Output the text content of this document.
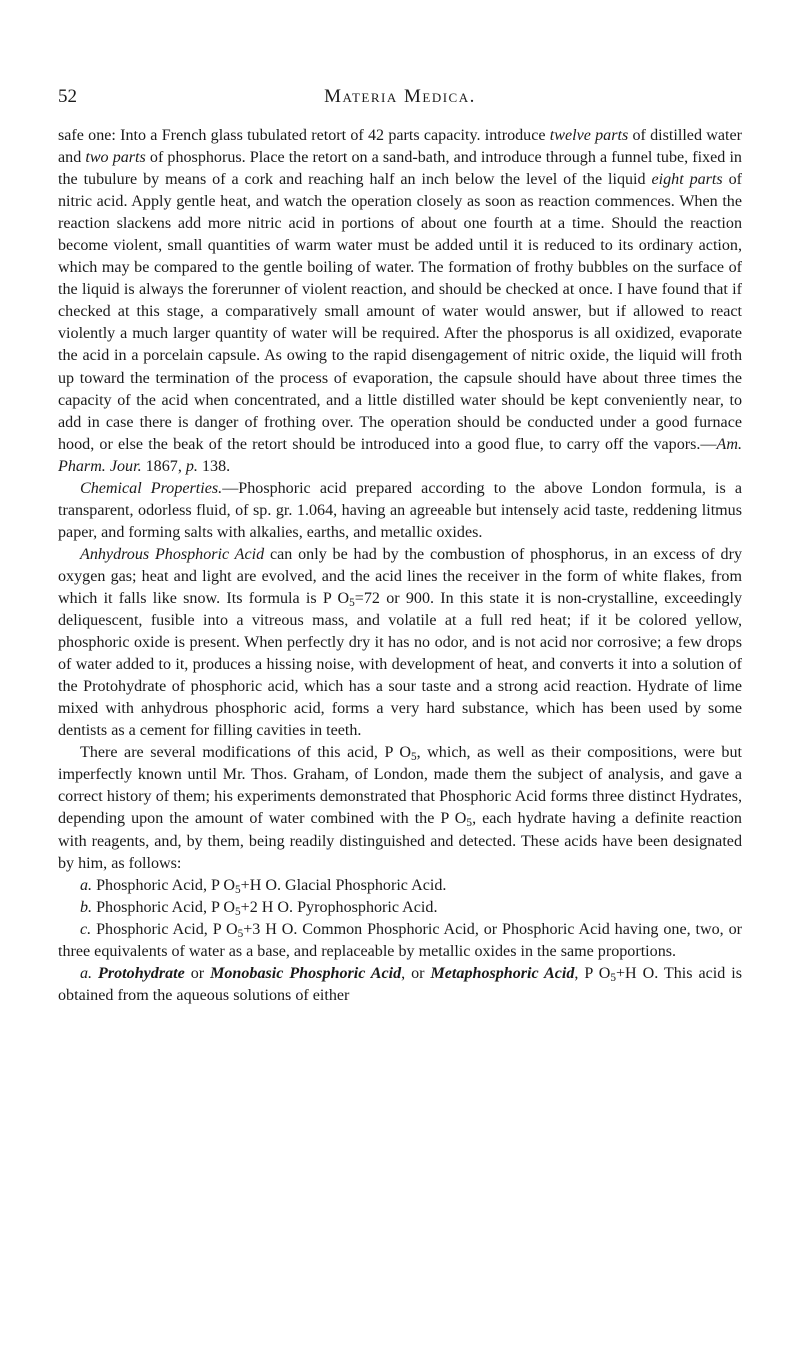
52	Materia Medica.

safe one: Into a French glass tubulated retort of 42 parts capacity. introduce twelve parts of distilled water and two parts of phosphorus. Place the retort on a sand-bath, and introduce through a funnel tube, fixed in the tubulure by means of a cork and reaching half an inch below the level of the liquid eight parts of nitric acid. Apply gentle heat, and watch the operation closely as soon as reaction commences. When the reaction slackens add more nitric acid in portions of about one fourth at a time. Should the reaction become violent, small quantities of warm water must be added until it is reduced to its ordinary action, which may be compared to the gentle boiling of water. The formation of frothy bubbles on the surface of the liquid is always the forerunner of violent reaction, and should be checked at once. I have found that if checked at this stage, a comparatively small amount of water would answer, but if allowed to react violently a much larger quantity of water will be required. After the phosporus is all oxidized, evaporate the acid in a porcelain capsule. As owing to the rapid disengagement of nitric oxide, the liquid will froth up toward the termination of the process of evaporation, the capsule should have about three times the capacity of the acid when concentrated, and a little distilled water should be kept conveniently near, to add in case there is danger of frothing over. The operation should be conducted under a good furnace hood, or else the beak of the retort should be introduced into a good flue, to carry off the vapors.—Am. Pharm. Jour. 1867, p. 138.

Chemical Properties.—Phosphoric acid prepared according to the above London formula, is a transparent, odorless fluid, of sp. gr. 1.064, having an agreeable but intensely acid taste, reddening litmus paper, and forming salts with alkalies, earths, and metallic oxides.

Anhydrous Phosphoric Acid can only be had by the combustion of phosphorus, in an excess of dry oxygen gas; heat and light are evolved, and the acid lines the receiver in the form of white flakes, from which it falls like snow. Its formula is P $O_5=72$ or 900. In this state it is non-crystalline, exceedingly deliquescent, fusible into a vitreous mass, and volatile at a full red heat; if it be colored yellow, phosphoric oxide is present. When perfectly dry it has no odor, and is not acid nor corrosive; a few drops of water added to it, produces a hissing noise, with development of heat, and converts it into a solution of the Protohydrate of phosphoric acid, which has a sour taste and a strong acid reaction. Hydrate of lime mixed with anhydrous phosphoric acid, forms a very hard substance, which has been used by some dentists as a cement for filling cavities in teeth.

There are several modifications of this acid, P $O_5$, which, as well as their compositions, were but imperfectly known until Mr. Thos. Graham, of London, made them the subject of analysis, and gave a correct history of them; his experiments demonstrated that Phosphoric Acid forms three distinct Hydrates, depending upon the amount of water combined with the P $O_5$, each hydrate having a definite reaction with reagents, and, by them, being readily distinguished and detected. These acids have been designated by him, as follows:

a. Phosphoric Acid, P $O_5+H$ O. Glacial Phosphoric Acid.

b. Phosphoric Acid, P $O_5+2$ H O. Pyrophosphoric Acid.

c. Phosphoric Acid, P $O_5+3$ H O. Common Phosphoric Acid, or Phosphoric Acid having one, two, or three equivalents of water as a base, and replaceable by metallic oxides in the same proportions.

a. Protohydrate or Monobasic Phosphoric Acid, or Metaphosphoric Acid, P $O_5+H$ O. This acid is obtained from the aqueous solutions of either
